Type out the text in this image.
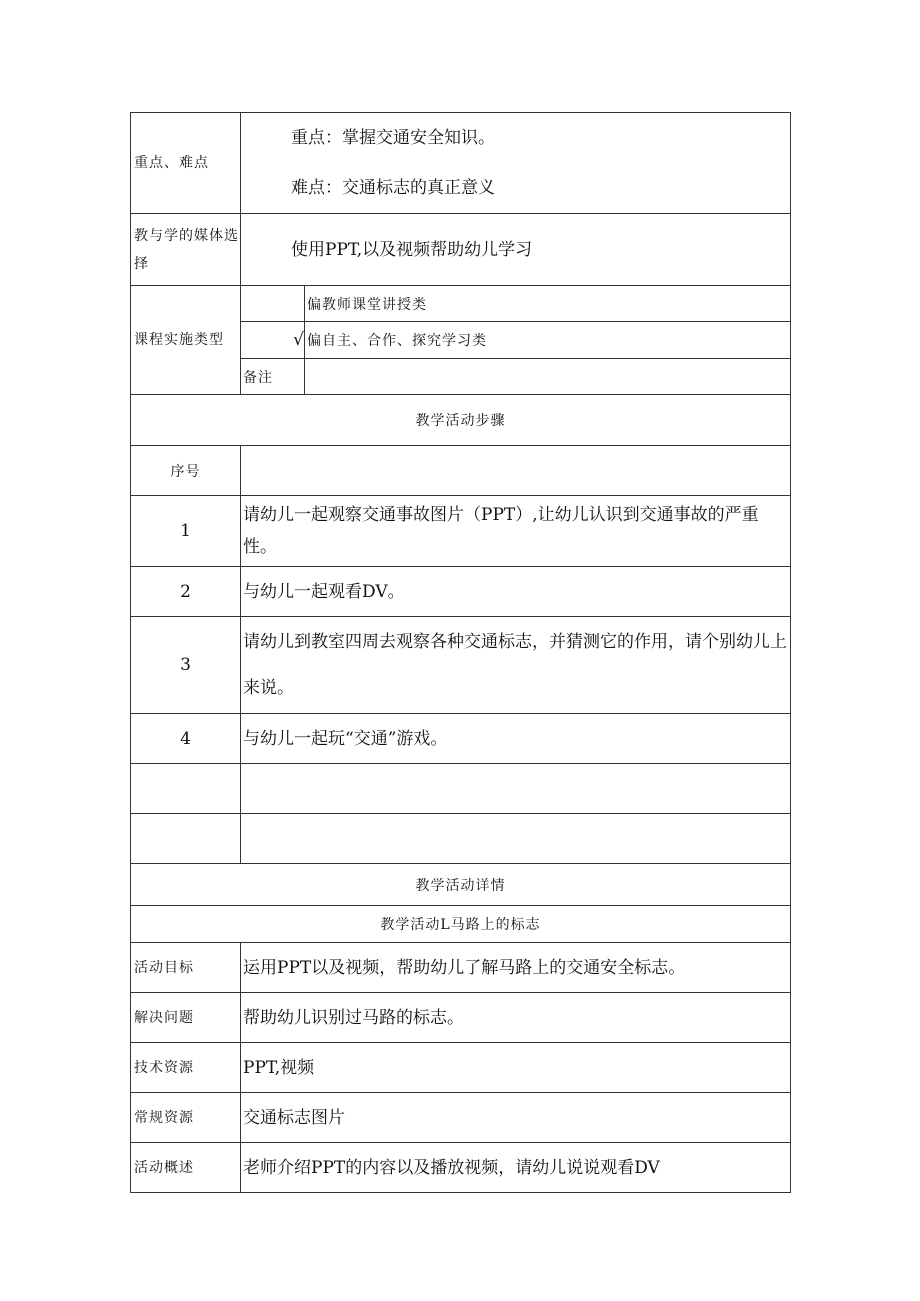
重点、难点	重点：掌握交通安全知识。
难点：交通标志的真正意义	

教与学的媒体选择	使用PPT,以及视频帮助幼儿学习	
课程实施类型		偏教师课堂讲授类
	√	偏自主、合作、探究学习类
	备注	
教学活动步骤		
序号		
1	请幼儿一起观察交通事故图片（PPT）,让幼儿认识到交通事故的严重性。	
2	与幼儿一起观看DV。	
3	请幼儿到教室四周去观察各种交通标志，并猜测它的作用，请个别幼儿上来说。	
4	与幼儿一起玩“交通”游戏。	

教学活动详情		
教学活动L马路上的标志		
活动目标	运用PPT以及视频，帮助幼儿了解马路上的交通安全标志。	
解决问题	帮助幼儿识别过马路的标志。	
技术资源	PPT,视频	
常规资源	交通标志图片	
活动概述	老师介绍PPT的内容以及播放视频，请幼儿说说观看DV	
